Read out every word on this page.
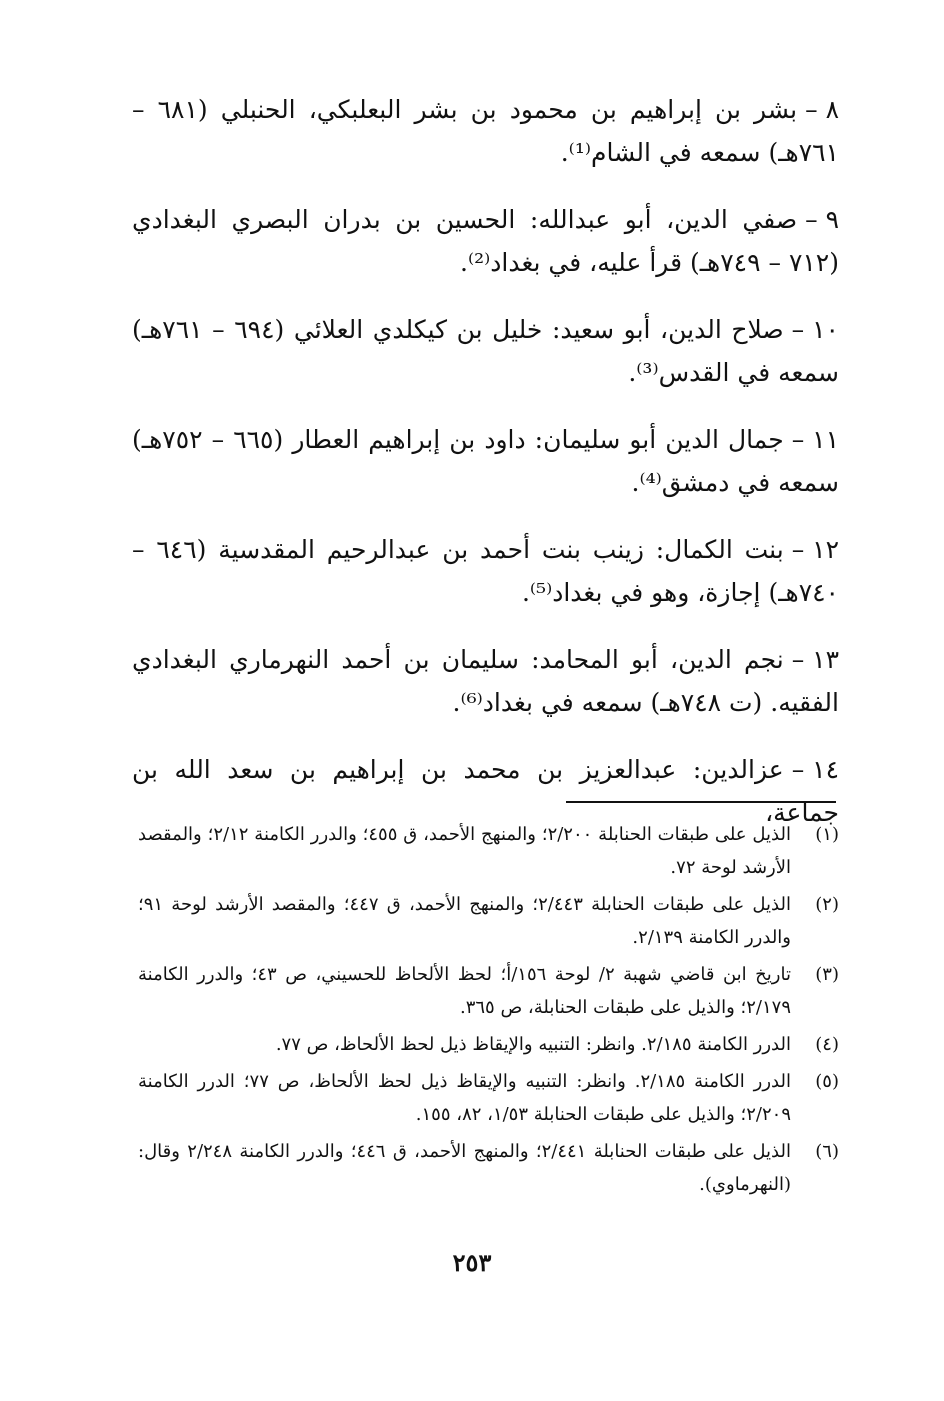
٨ –بشر بن إبراهيم بن محمود بن بشر البعلبكي، الحنبلي (٦٨١ – ٧٦١هـ) سمعه في الشام⁽¹⁾.
٩ –صفي الدين، أبو عبدالله: الحسين بن بدران البصري البغدادي (٧١٢ – ٧٤٩هـ) قرأ عليه، في بغداد⁽²⁾.
١٠ –صلاح الدين، أبو سعيد: خليل بن كيكلدي العلائي (٦٩٤ – ٧٦١هـ) سمعه في القدس⁽³⁾.
١١ –جمال الدين أبو سليمان: داود بن إبراهيم العطار (٦٦٥ – ٧٥٢هـ) سمعه في دمشق⁽⁴⁾.
١٢ –بنت الكمال: زينب بنت أحمد بن عبدالرحيم المقدسية (٦٤٦ – ٧٤٠هـ) إجازة، وهو في بغداد⁽⁵⁾.
١٣ –نجم الدين، أبو المحامد: سليمان بن أحمد النهرماري البغدادي الفقيه. (ت ٧٤٨هـ) سمعه في بغداد⁽⁶⁾.
١٤ –عزالدين: عبدالعزيز بن محمد بن إبراهيم بن سعد الله بن جماعة،
(١)
الذيل على طبقات الحنابلة ٢/٢٠٠؛ والمنهج الأحمد، ق ٤٥٥؛ والدرر الكامنة ٢/١٢؛ والمقصد الأرشد لوحة ٧٢.
(٢)
الذيل على طبقات الحنابلة ٢/٤٤٣؛ والمنهج الأحمد، ق ٤٤٧؛ والمقصد الأرشد لوحة ٩١؛ والدرر الكامنة ٢/١٣٩.
(٣)
تاريخ ابن قاضي شهبة ٢/ لوحة ١٥٦/أ؛ لحظ الألحاظ للحسيني، ص ٤٣؛ والدرر الكامنة ٢/١٧٩؛ والذيل على طبقات الحنابلة، ص ٣٦٥.
(٤)
الدرر الكامنة ٢/١٨٥. وانظر: التنبيه والإيقاظ ذيل لحظ الألحاظ، ص ٧٧.
(٥)
الدرر الكامنة ٢/١٨٥. وانظر: التنبيه والإيقاظ ذيل لحظ الألحاظ، ص ٧٧؛ الدرر الكامنة ٢/٢٠٩؛ والذيل على طبقات الحنابلة ١/٥٣، ٨٢، ١٥٥.
(٦)
الذيل على طبقات الحنابلة ٢/٤٤١؛ والمنهج الأحمد، ق ٤٤٦؛ والدرر الكامنة ٢/٢٤٨ وقال: (النهرماوي).
٢٥٣
